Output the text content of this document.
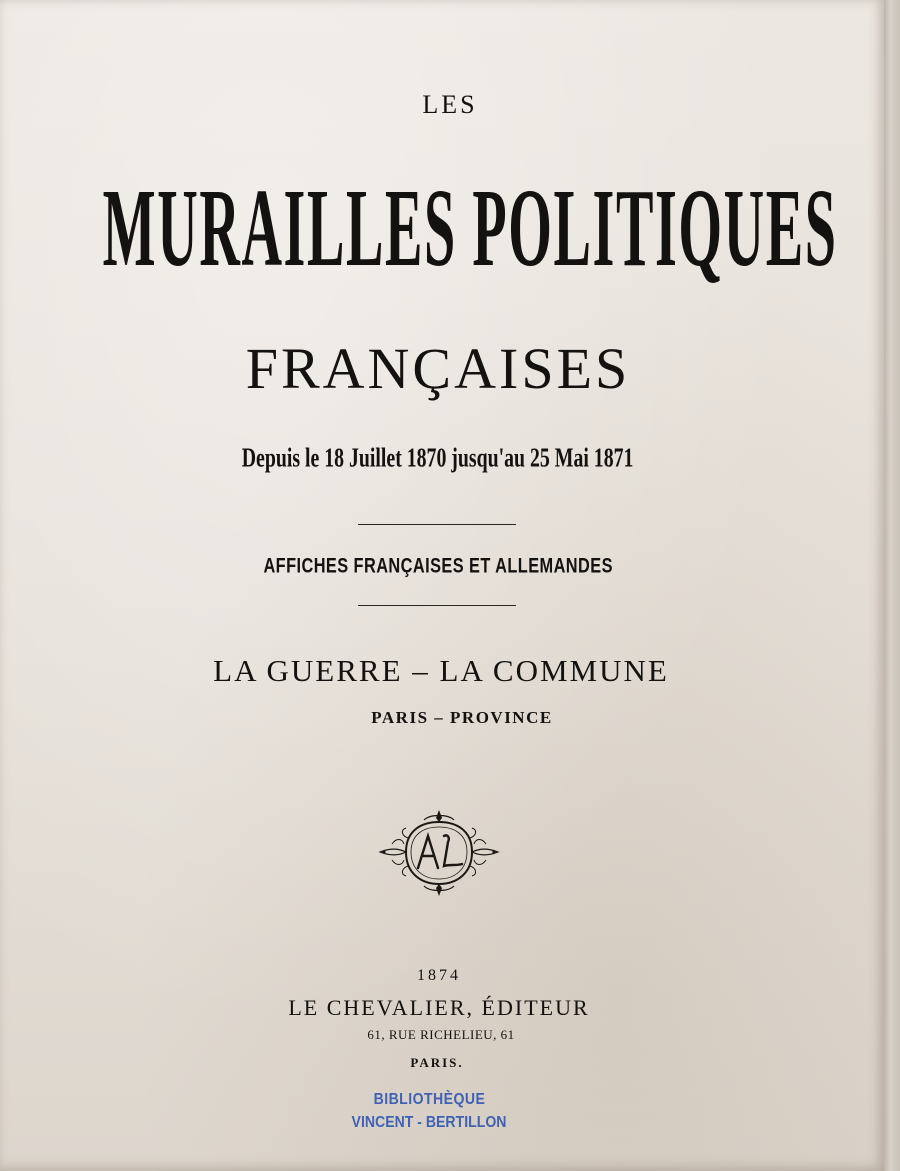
LES
MURAILLES POLITIQUES
FRANÇAISES
Depuis le 18 Juillet 1870 jusqu'au 25 Mai 1871
AFFICHES FRANÇAISES ET ALLEMANDES
LA GUERRE – LA COMMUNE
PARIS – PROVINCE
1874
LE CHEVALIER, ÉDITEUR
61, RUE RICHELIEU, 61
PARIS.
BIBLIOTHÈQUE
VINCENT - BERTILLON
